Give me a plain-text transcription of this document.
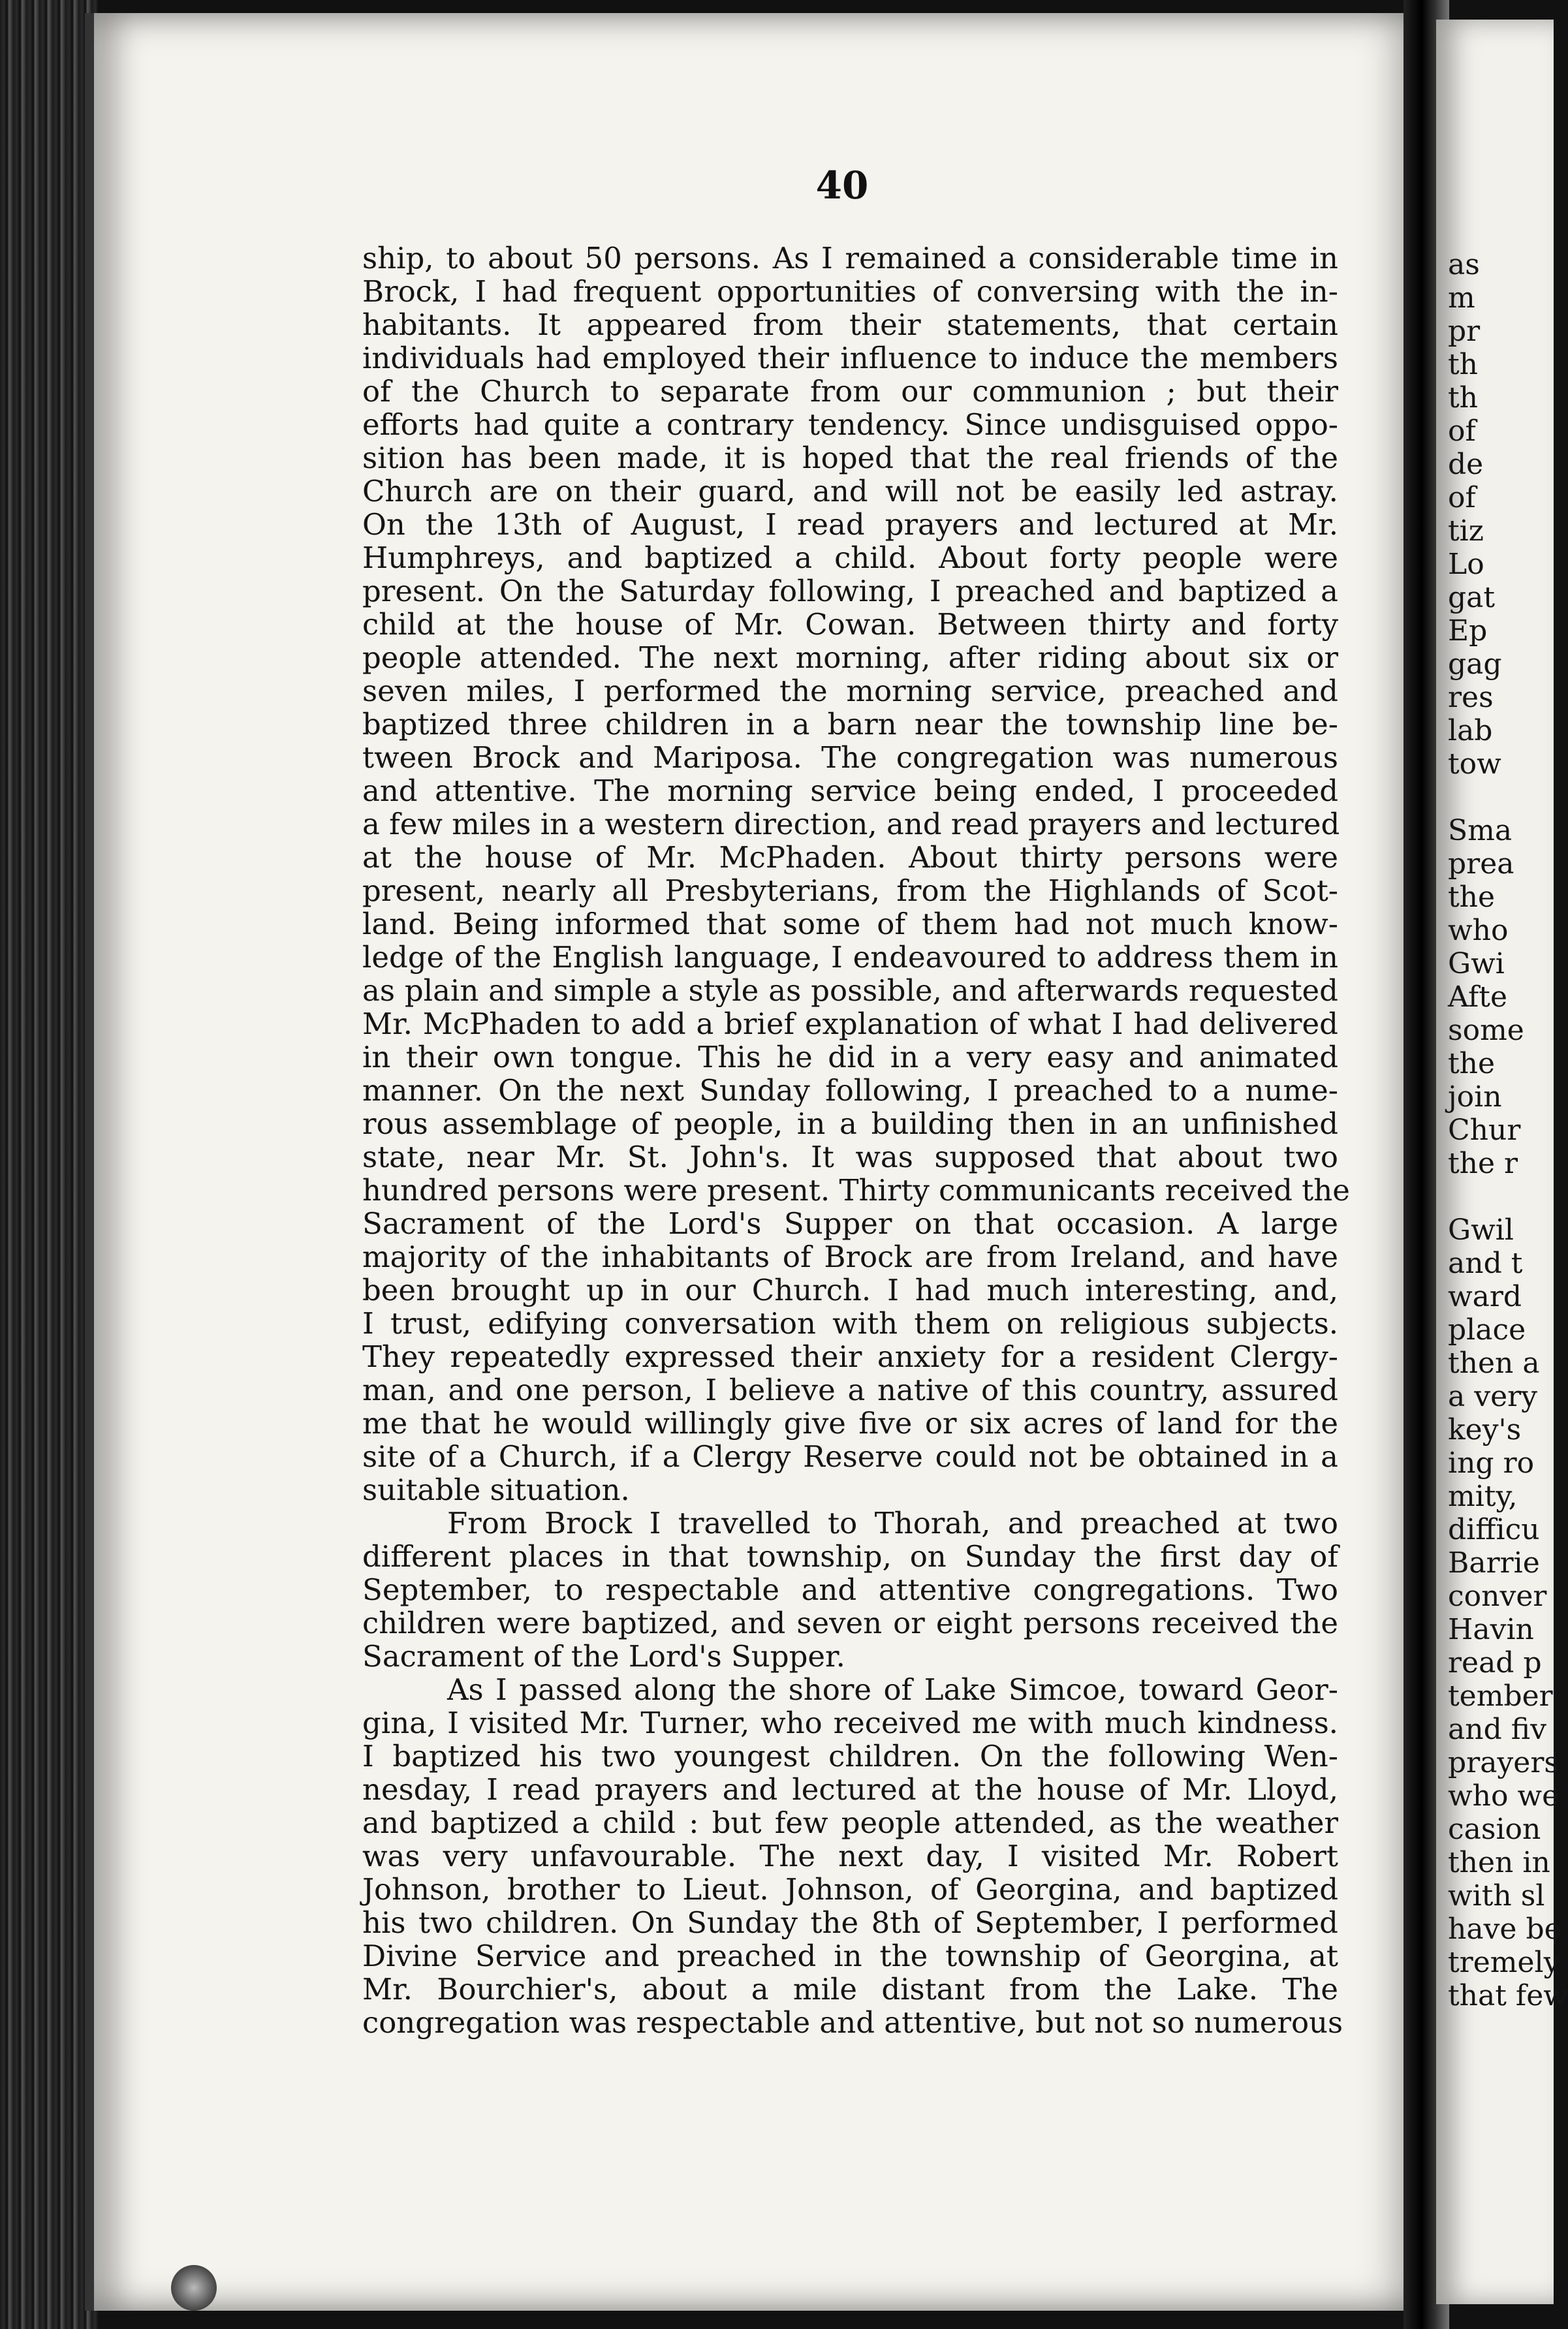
40
ship, to about 50 persons. As I remained a considerable time in
Brock, I had frequent opportunities of conversing with the in-
habitants. It appeared from their statements, that certain
individuals had employed their influence to induce the members
of the Church to separate from our communion ; but their
efforts had quite a contrary tendency. Since undisguised oppo-
sition has been made, it is hoped that the real friends of the
Church are on their guard, and will not be easily led astray.
On the 13th of August, I read prayers and lectured at Mr.
Humphreys, and baptized a child. About forty people were
present. On the Saturday following, I preached and baptized a
child at the house of Mr. Cowan. Between thirty and forty
people attended. The next morning, after riding about six or
seven miles, I performed the morning service, preached and
baptized three children in a barn near the township line be-
tween Brock and Mariposa. The congregation was numerous
and attentive. The morning service being ended, I proceeded
a few miles in a western direction, and read prayers and lectured
at the house of Mr. McPhaden. About thirty persons were
present, nearly all Presbyterians, from the Highlands of Scot-
land. Being informed that some of them had not much know-
ledge of the English language, I endeavoured to address them in
as plain and simple a style as possible, and afterwards requested
Mr. McPhaden to add a brief explanation of what I had delivered
in their own tongue. This he did in a very easy and animated
manner. On the next Sunday following, I preached to a nume-
rous assemblage of people, in a building then in an unfinished
state, near Mr. St. John's. It was supposed that about two
hundred persons were present. Thirty communicants received the
Sacrament of the Lord's Supper on that occasion. A large
majority of the inhabitants of Brock are from Ireland, and have
been brought up in our Church. I had much interesting, and,
I trust, edifying conversation with them on religious subjects.
They repeatedly expressed their anxiety for a resident Clergy-
man, and one person, I believe a native of this country, assured
me that he would willingly give five or six acres of land for the
site of a Church, if a Clergy Reserve could not be obtained in a
suitable situation.
From Brock I travelled to Thorah, and preached at two
different places in that township, on Sunday the first day of
September, to respectable and attentive congregations. Two
children were baptized, and seven or eight persons received the
Sacrament of the Lord's Supper.
As I passed along the shore of Lake Simcoe, toward Geor-
gina, I visited Mr. Turner, who received me with much kindness.
I baptized his two youngest children. On the following Wen-
nesday, I read prayers and lectured at the house of Mr. Lloyd,
and baptized a child : but few people attended, as the weather
was very unfavourable. The next day, I visited Mr. Robert
Johnson, brother to Lieut. Johnson, of Georgina, and baptized
his two children. On Sunday the 8th of September, I performed
Divine Service and preached in the township of Georgina, at
Mr. Bourchier's, about a mile distant from the Lake. The
congregation was respectable and attentive, but not so numerous
as
m
pr
th
th
of
de
of
tiz
Lo
gat
Ep
gag
res
lab
tow
Sma
prea
the
who
Gwi
Afte
some
the
join
Chur
the r
Gwil
and t
ward
place
then a
a very
key's
ing ro
mity,
difficu
Barrie
conver
Havin
read p
tember
and fiv
prayers
who we
casion
then in
with sl
have be
tremely
that few
